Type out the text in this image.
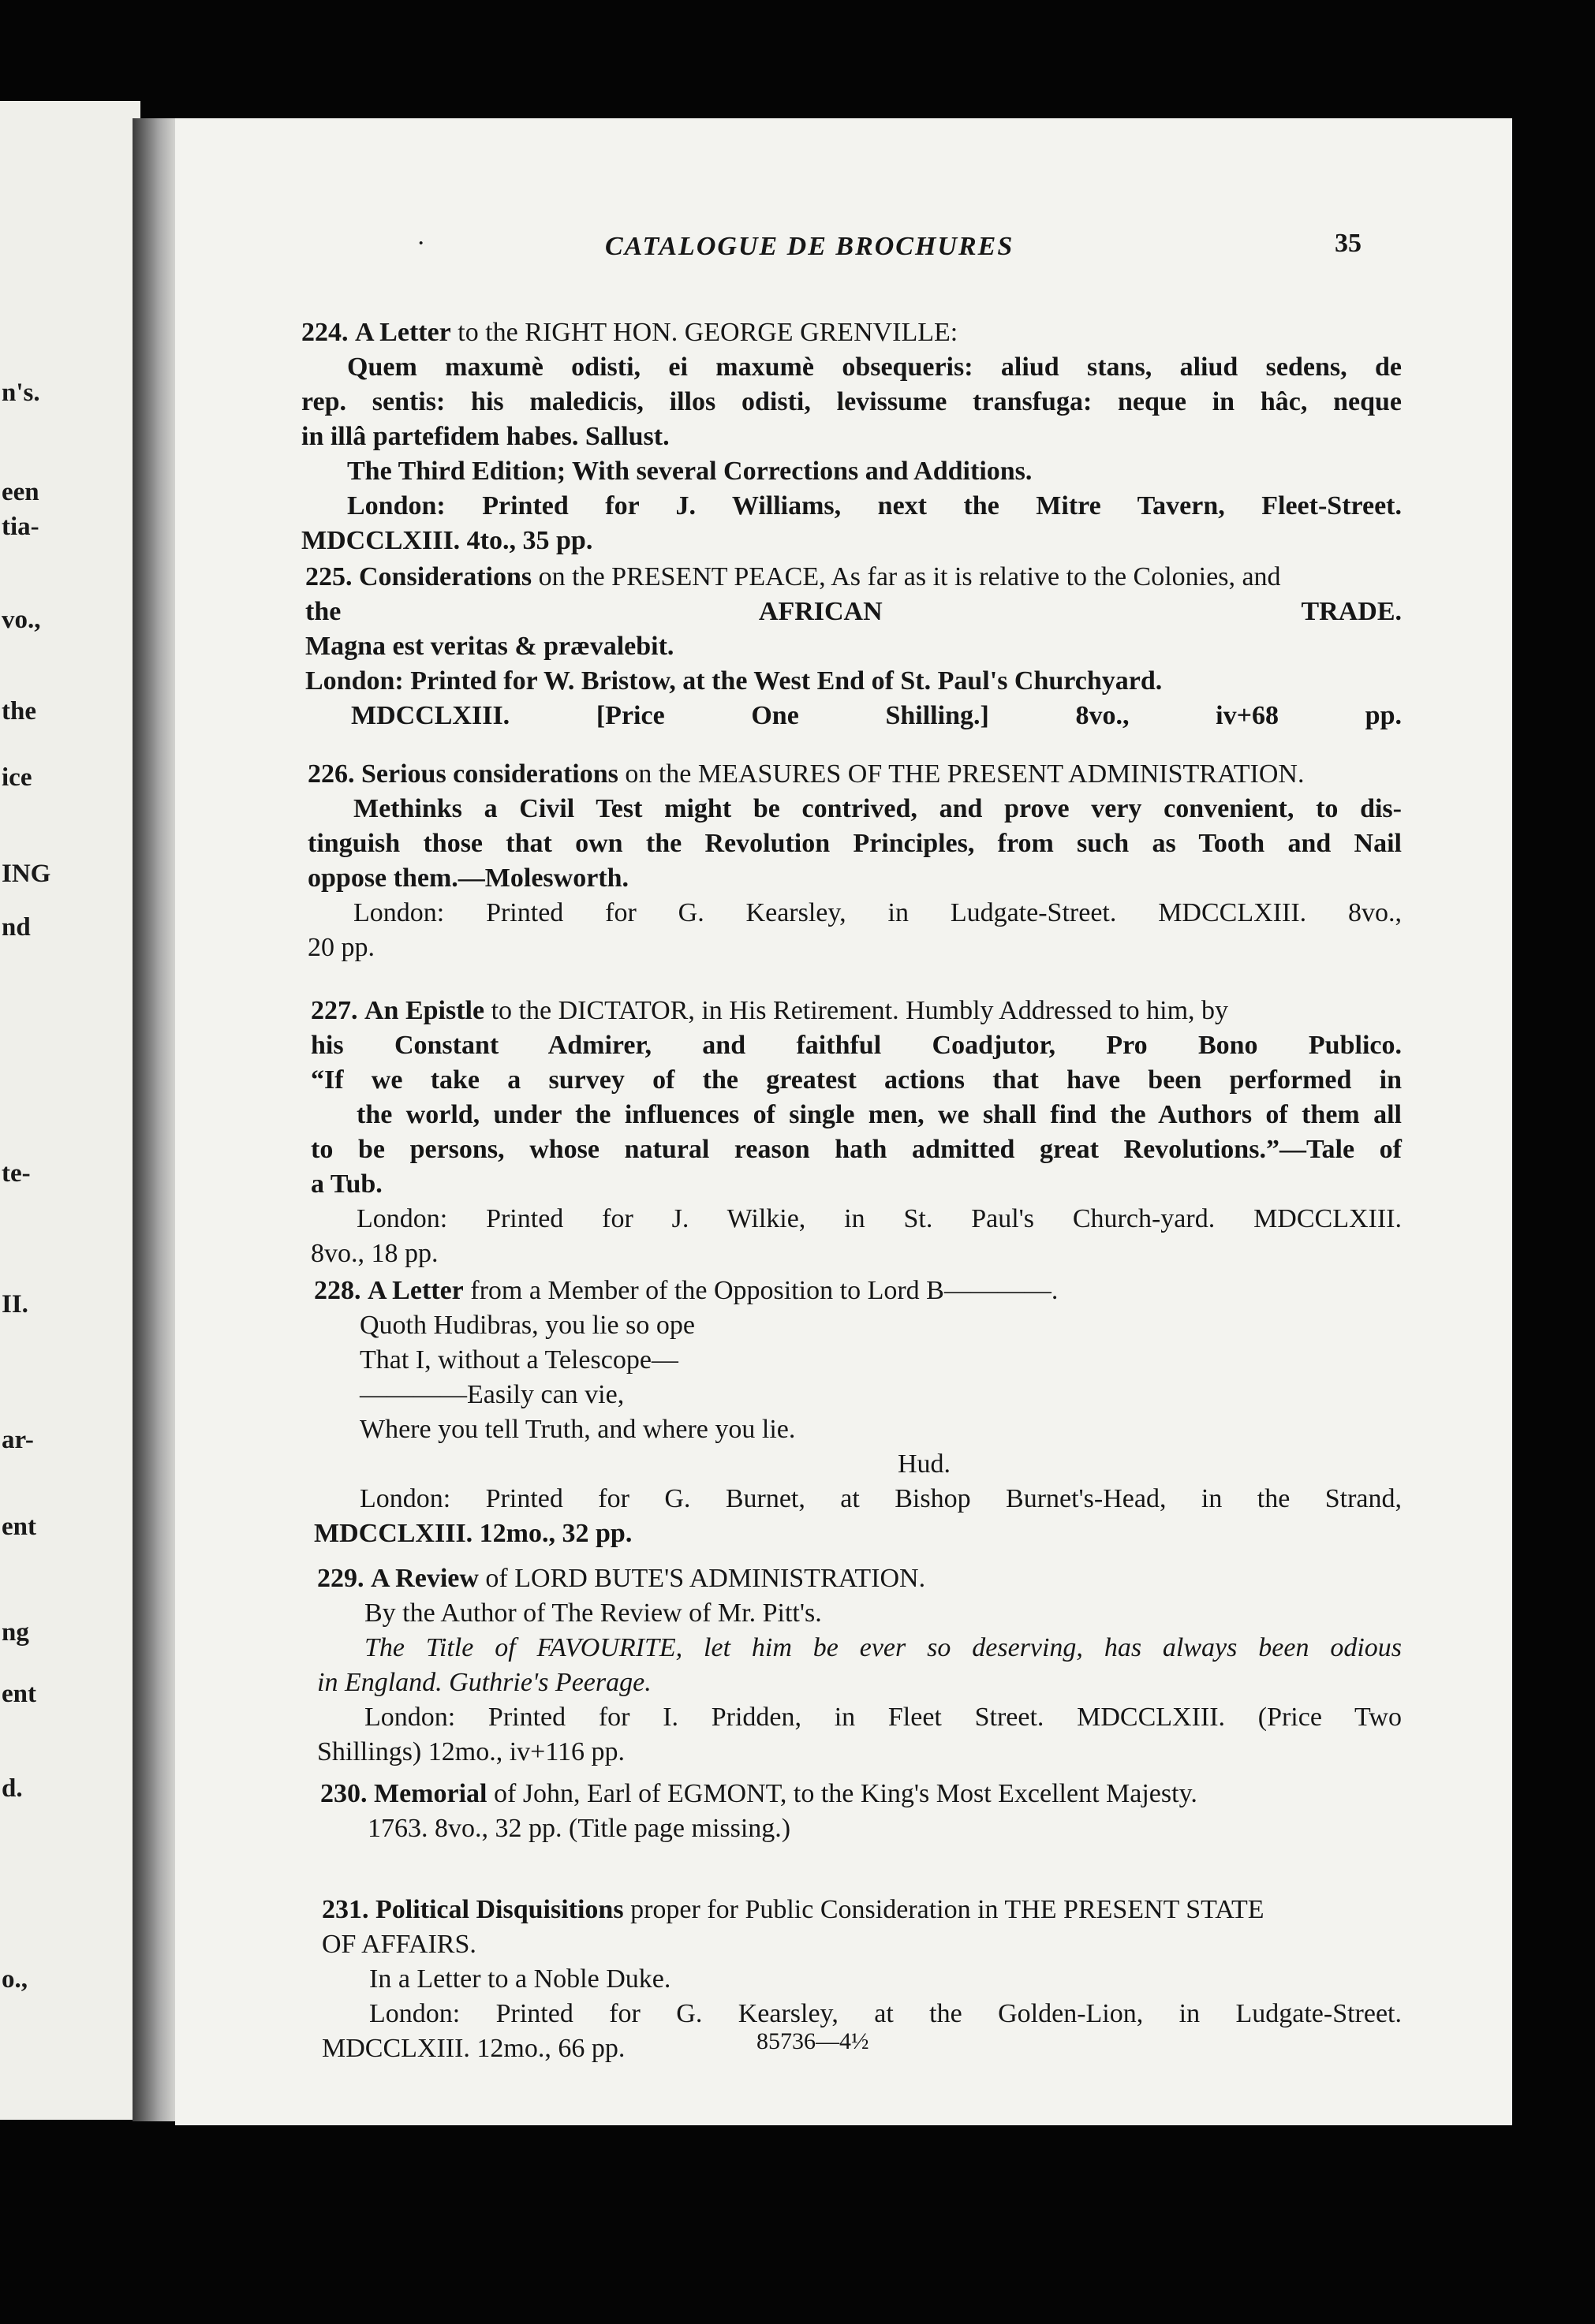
n's.
een
tia-
vo.,
the
ice
ING
nd
te-
II.
ar-
ent
ng
ent
d.
o.,
·	CATALOGUE DE BROCHURES	35
224. A Letter to the RIGHT HON. GEORGE GRENVILLE:
Quem maxumè odisti, ei maxumè obsequeris: aliud stans, aliud sedens, de
rep. sentis: his maledicis, illos odisti, levissume transfuga: neque in hâc, neque
in illâ partefidem habes. Sallust.
The Third Edition; With several Corrections and Additions.
London: Printed for J. Williams, next the Mitre Tavern, Fleet-Street.
MDCCLXIII. 4to., 35 pp.
225. Considerations on the PRESENT PEACE, As far as it is relative to the Colonies, and
the AFRICAN TRADE.
Magna est veritas & prævalebit.
London: Printed for W. Bristow, at the West End of St. Paul's Churchyard.
MDCCLXIII. [Price One Shilling.] 8vo., iv+68 pp.
226. Serious considerations on the MEASURES OF THE PRESENT ADMINISTRATION.
Methinks a Civil Test might be contrived, and prove very convenient, to dis-
tinguish those that own the Revolution Principles, from such as Tooth and Nail
oppose them.—Molesworth.
London: Printed for G. Kearsley, in Ludgate-Street. MDCCLXIII. 8vo.,
20 pp.
227. An Epistle to the DICTATOR, in His Retirement. Humbly Addressed to him, by
his Constant Admirer, and faithful Coadjutor, Pro Bono Publico.
“If we take a survey of the greatest actions that have been performed in
the world, under the influences of single men, we shall find the Authors of them all
to be persons, whose natural reason hath admitted great Revolutions.”—Tale of
a Tub.
London: Printed for J. Wilkie, in St. Paul's Church-yard. MDCCLXIII.
8vo., 18 pp.
228. A Letter from a Member of the Opposition to Lord B————.
Quoth Hudibras, you lie so ope
That I, without a Telescope—
————Easily can vie,
Where you tell Truth, and where you lie.
Hud.
London: Printed for G. Burnet, at Bishop Burnet's-Head, in the Strand,
MDCCLXIII. 12mo., 32 pp.
229. A Review of LORD BUTE'S ADMINISTRATION.
By the Author of The Review of Mr. Pitt's.
The Title of FAVOURITE, let him be ever so deserving, has always been odious
in England. Guthrie's Peerage.
London: Printed for I. Pridden, in Fleet Street. MDCCLXIII. (Price Two
Shillings) 12mo., iv+116 pp.
230. Memorial of John, Earl of EGMONT, to the King's Most Excellent Majesty.
1763. 8vo., 32 pp. (Title page missing.)
231. Political Disquisitions proper for Public Consideration in THE PRESENT STATE
OF AFFAIRS.
In a Letter to a Noble Duke.
London: Printed for G. Kearsley, at the Golden-Lion, in Ludgate-Street.
MDCCLXIII. 12mo., 66 pp.	85736—4½
